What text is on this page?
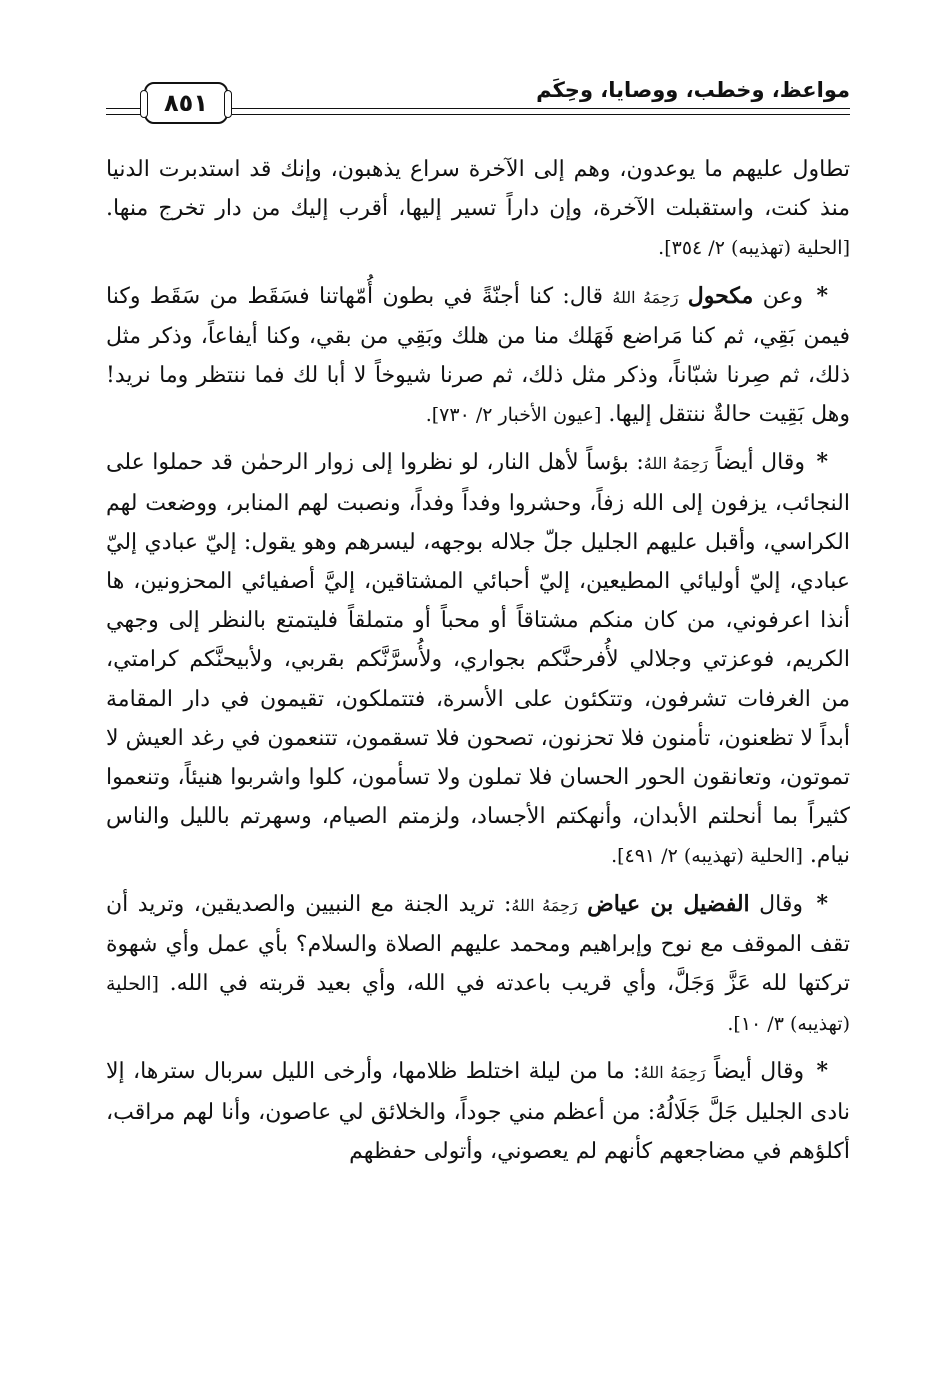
مواعظ، وخطب، ووصايا، وحِكَم
٨٥١

تطاول عليهم ما يوعدون، وهم إلى الآخرة سراع يذهبون، وإنك قد استدبرت الدنيا منذ كنت، واستقبلت الآخرة، وإن داراً تسير إليها، أقرب إليك من دار تخرج منها. [الحلية (تهذيبه) ٢/ ٣٥٤].

* وعن مكحول رَحِمَهُ اللهُ قال: كنا أجنّةً في بطون أُمّهاتنا فسَقَط من سَقَط وكنا فيمن بَقِي، ثم كنا مَراضع فَهَلك منا من هلك وبَقِي من بقي، وكنا أيفاعاً، وذكر مثل ذلك، ثم صِرنا شبّاناً، وذكر مثل ذلك، ثم صرنا شيوخاً لا أبا لك فما ننتظر وما نريد! وهل بَقِيت حالةٌ ننتقل إليها. [عيون الأخبار ٢/ ٧٣٠].

* وقال أيضاً رَحِمَهُ اللهُ: بؤساً لأهل النار، لو نظروا إلى زوار الرحمٰن قد حملوا على النجائب، يزفون إلى الله زفاً، وحشروا وفداً وفداً، ونصبت لهم المنابر، ووضعت لهم الكراسي، وأقبل عليهم الجليل جلّ جلاله بوجهه، ليسرهم وهو يقول: إليّ عبادي إليّ عبادي، إليّ أوليائي المطيعين، إليّ أحبائي المشتاقين، إليَّ أصفيائي المحزونين، ها أنذا اعرفوني، من كان منكم مشتاقاً أو محباً أو متملقاً فليتمتع بالنظر إلى وجهي الكريم، فوعزتي وجلالي لأُفرحنَّكم بجواري، ولأُسرَّنَّكم بقربي، ولأبيحنَّكم كرامتي، من الغرفات تشرفون، وتتكئون على الأسرة، فتتملكون، تقيمون في دار المقامة أبداً لا تظعنون، تأمنون فلا تحزنون، تصحون فلا تسقمون، تتنعمون في رغد العيش لا تموتون، وتعانقون الحور الحسان فلا تملون ولا تسأمون، كلوا واشربوا هنيئاً، وتنعموا كثيراً بما أنحلتم الأبدان، وأنهكتم الأجساد، ولزمتم الصيام، وسهرتم بالليل والناس نيام. [الحلية (تهذيبه) ٢/ ٤٩١].

* وقال الفضيل بن عياض رَحِمَهُ اللهُ: تريد الجنة مع النبيين والصديقين، وتريد أن تقف الموقف مع نوح وإبراهيم ومحمد عليهم الصلاة والسلام؟ بأي عمل وأي شهوة تركتها لله عَزَّ وَجَلَّ، وأي قريب باعدته في الله، وأي بعيد قربته في الله. [الحلية (تهذيبه) ٣/ ١٠].

* وقال أيضاً رَحِمَهُ اللهُ: ما من ليلة اختلط ظلامها، وأرخى الليل سربال سترها، إلا نادى الجليل جَلَّ جَلَالُهُ: من أعظم مني جوداً، والخلائق لي عاصون، وأنا لهم مراقب، أكلؤهم في مضاجعهم كأنهم لم يعصوني، وأتولى حفظهم
